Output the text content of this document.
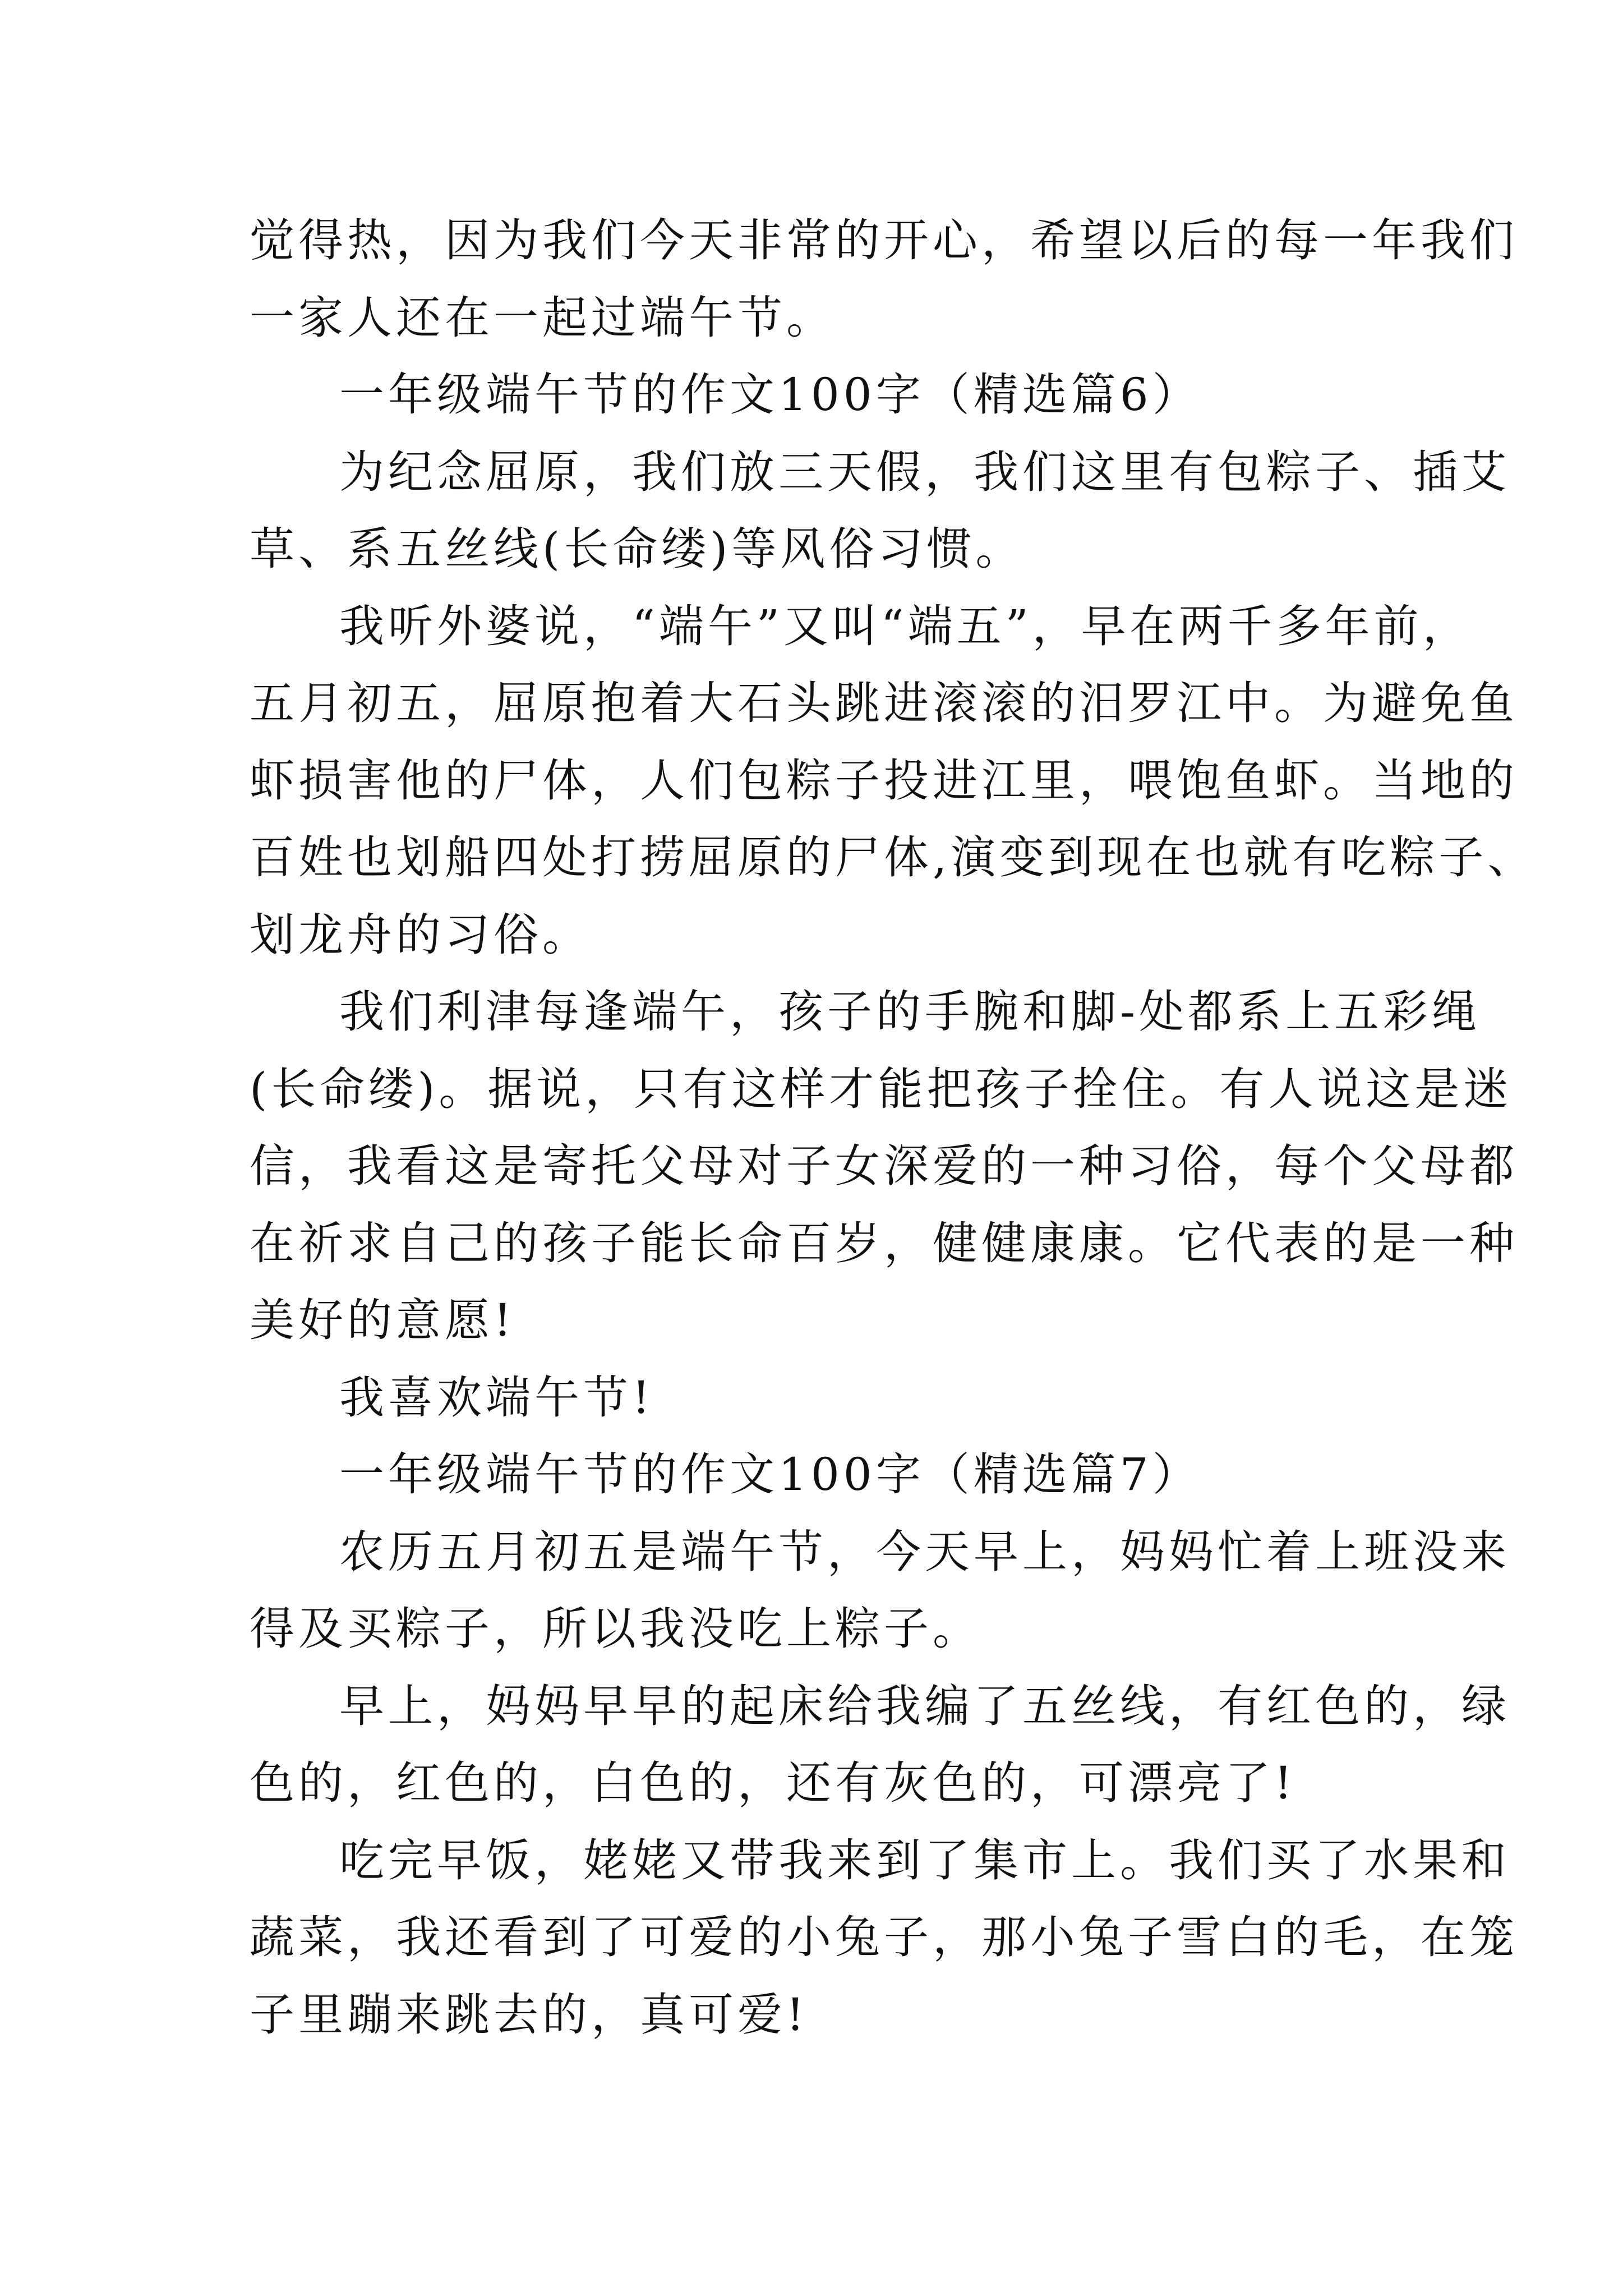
觉得热，因为我们今天非常的开心，希望以后的每一年我们
一家人还在一起过端午节。

一年级端午节的作文100字（精选篇6）

为纪念屈原，我们放三天假，我们这里有包粽子、插艾
草、系五丝线(长命缕)等风俗习惯。

我听外婆说，“端午”又叫“端五”，早在两千多年前，
五月初五，屈原抱着大石头跳进滚滚的汨罗江中。为避免鱼
虾损害他的尸体，人们包粽子投进江里，喂饱鱼虾。当地的
百姓也划船四处打捞屈原的尸体,演变到现在也就有吃粽子、
划龙舟的习俗。

我们利津每逢端午，孩子的手腕和脚-处都系上五彩绳
(长命缕)。据说，只有这样才能把孩子拴住。有人说这是迷
信，我看这是寄托父母对子女深爱的一种习俗，每个父母都
在祈求自己的孩子能长命百岁，健健康康。它代表的是一种
美好的意愿!

我喜欢端午节!

一年级端午节的作文100字（精选篇7）

农历五月初五是端午节，今天早上，妈妈忙着上班没来
得及买粽子，所以我没吃上粽子。

早上，妈妈早早的起床给我编了五丝线，有红色的，绿
色的，红色的，白色的，还有灰色的，可漂亮了!

吃完早饭，姥姥又带我来到了集市上。我们买了水果和
蔬菜，我还看到了可爱的小兔子，那小兔子雪白的毛，在笼
子里蹦来跳去的，真可爱!
